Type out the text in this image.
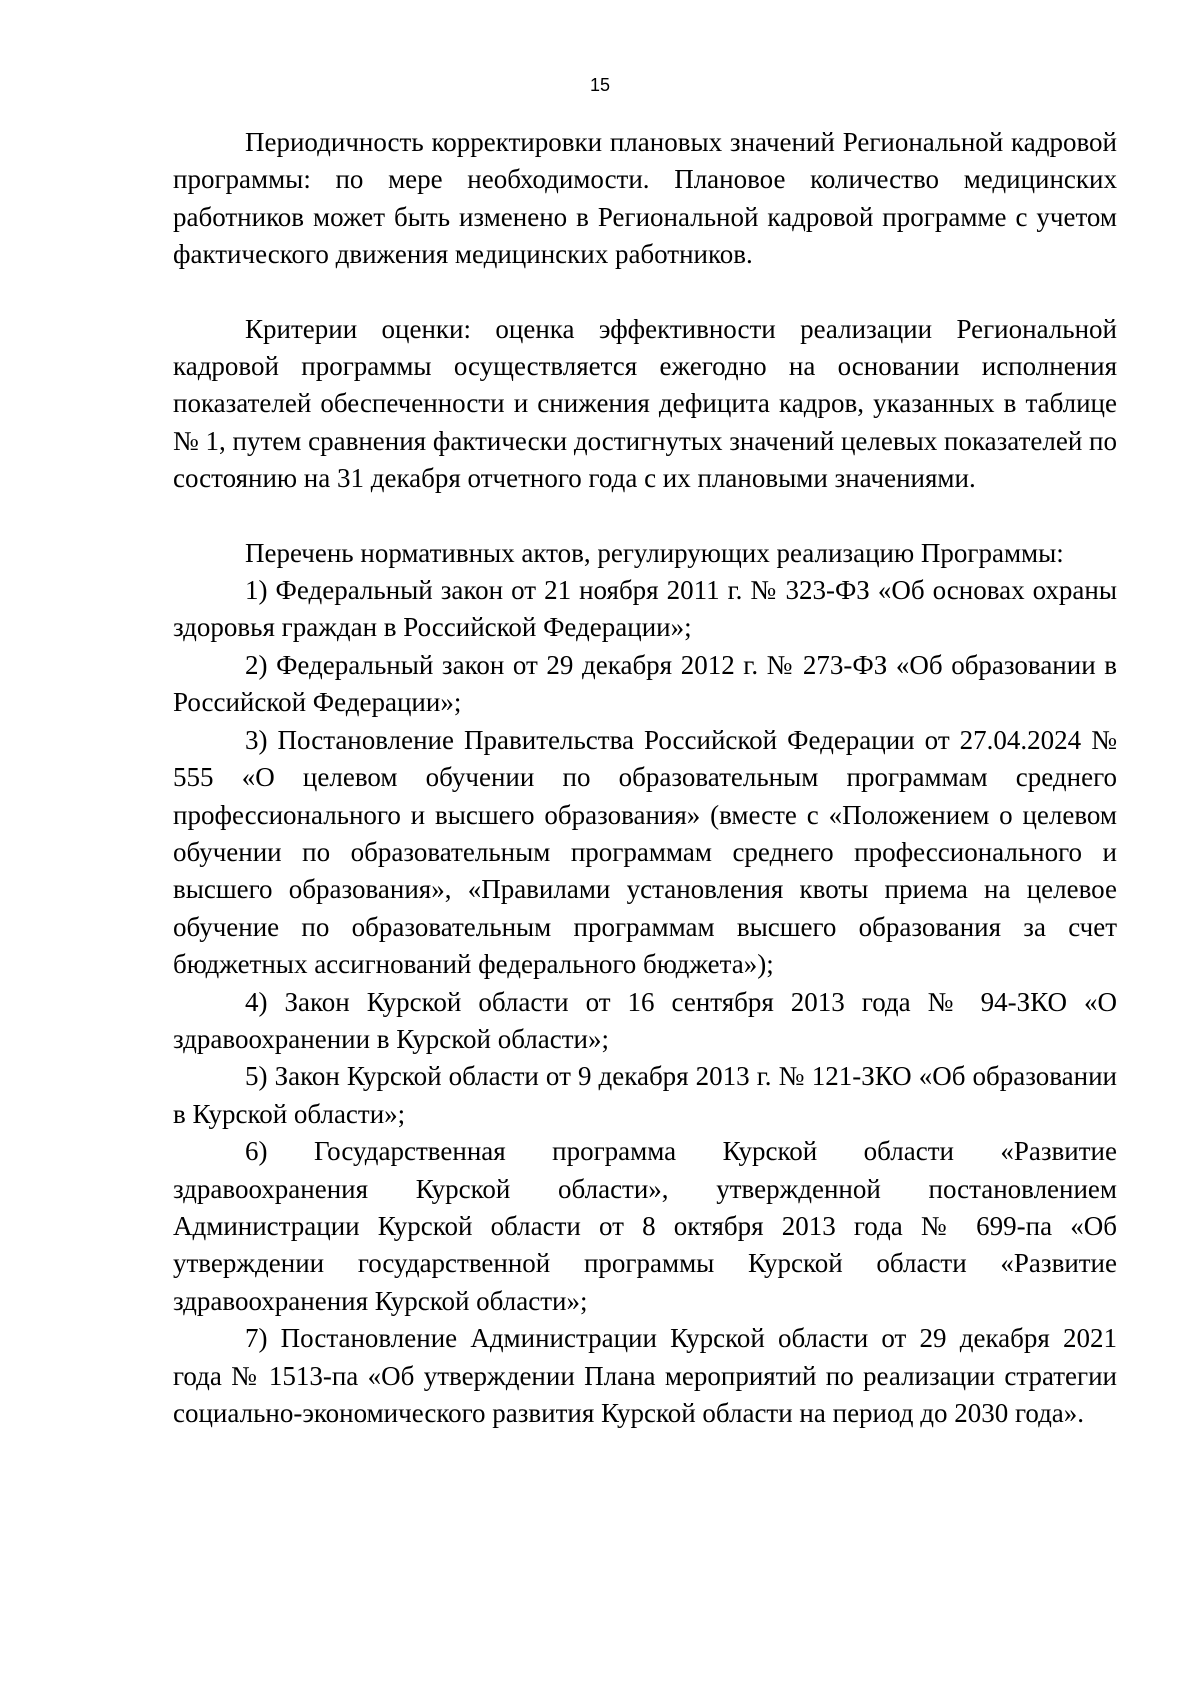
15

Периодичность корректировки плановых значений Региональной кадровой программы: по мере необходимости. Плановое количество медицинских работников может быть изменено в Региональной кадровой программе с учетом фактического движения медицинских работников.

Критерии оценки: оценка эффективности реализации Региональной кадровой программы осуществляется ежегодно на основании исполнения показателей обеспеченности и снижения дефицита кадров, указанных в таблице № 1, путем сравнения фактически достигнутых значений целевых показателей по состоянию на 31 декабря отчетного года с их плановыми значениями.

Перечень нормативных актов, регулирующих реализацию Программы:

1) Федеральный закон от 21 ноября 2011 г. № 323-ФЗ «Об основах охраны здоровья граждан в Российской Федерации»;

2) Федеральный закон от 29 декабря 2012 г. № 273-ФЗ «Об образовании в Российской Федерации»;

3) Постановление Правительства Российской Федерации от 27.04.2024 № 555 «О целевом обучении по образовательным программам среднего профессионального и высшего образования» (вместе с «Положением о целевом обучении по образовательным программам среднего профессионального и высшего образования», «Правилами установления квоты приема на целевое обучение по образовательным программам высшего образования за счет бюджетных ассигнований федерального бюджета»);

4) Закон Курской области от 16 сентября 2013 года № 94-ЗКО «О здравоохранении в Курской области»;

5) Закон Курской области от 9 декабря 2013 г. № 121-ЗКО «Об образовании в Курской области»;

6) Государственная программа Курской области «Развитие здравоохранения Курской области», утвержденной постановлением Администрации Курской области от 8 октября 2013 года № 699-па «Об утверждении государственной программы Курской области «Развитие здравоохранения Курской области»;

7) Постановление Администрации Курской области от 29 декабря 2021 года № 1513-па «Об утверждении Плана мероприятий по реализации стратегии социально-экономического развития Курской области на период до 2030 года».
